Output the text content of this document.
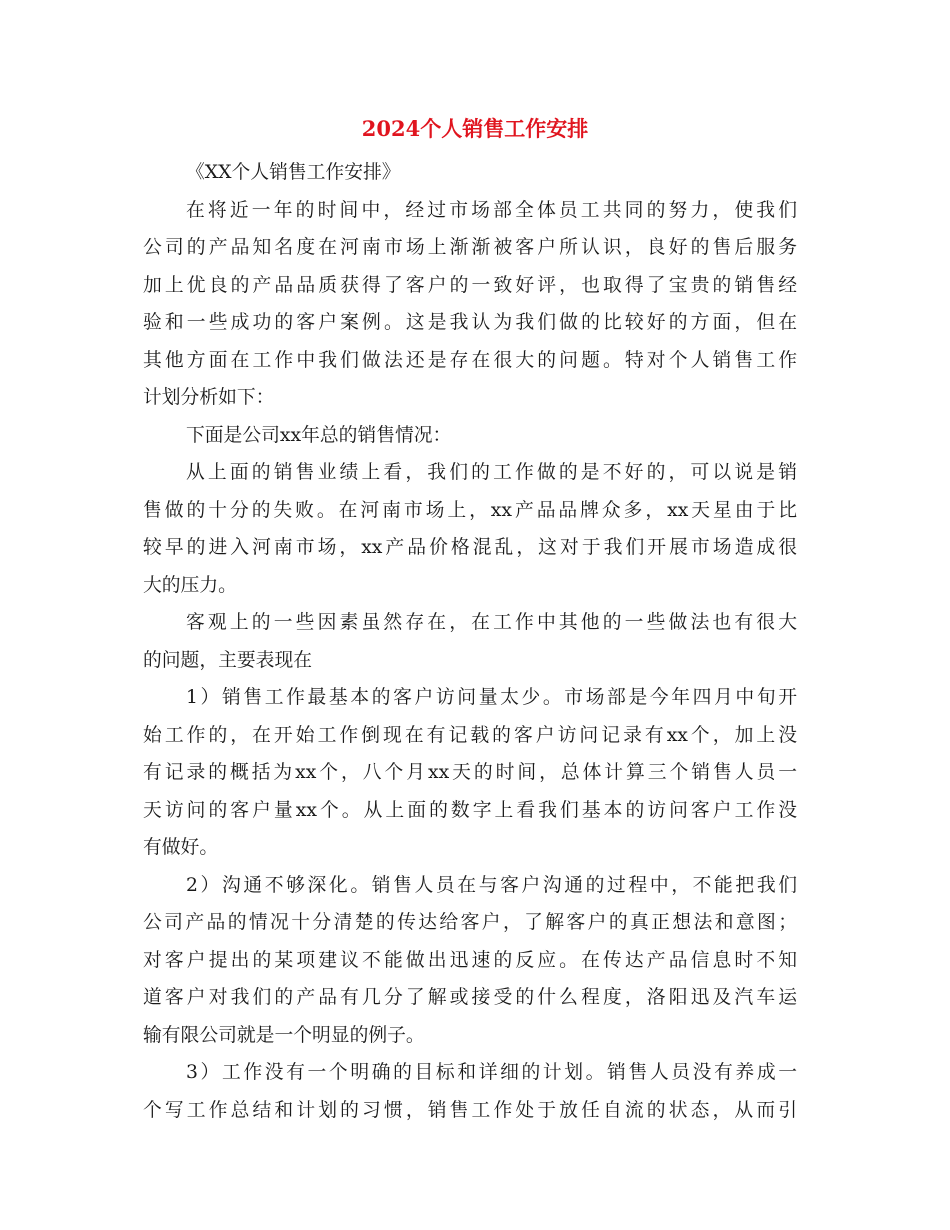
2024个人销售工作安排
《XX个人销售工作安排》
在将近一年的时间中，经过市场部全体员工共同的努力，使我们
公司的产品知名度在河南市场上渐渐被客户所认识，良好的售后服务
加上优良的产品品质获得了客户的一致好评，也取得了宝贵的销售经
验和一些成功的客户案例。这是我认为我们做的比较好的方面，但在
其他方面在工作中我们做法还是存在很大的问题。特对个人销售工作
计划分析如下：
下面是公司xx年总的销售情况：
从上面的销售业绩上看，我们的工作做的是不好的，可以说是销
售做的十分的失败。在河南市场上，xx产品品牌众多，xx天星由于比
较早的进入河南市场，xx产品价格混乱，这对于我们开展市场造成很
大的压力。
客观上的一些因素虽然存在，在工作中其他的一些做法也有很大
的问题，主要表现在
1）销售工作最基本的客户访问量太少。市场部是今年四月中旬开
始工作的，在开始工作倒现在有记载的客户访问记录有xx个，加上没
有记录的概括为xx个，八个月xx天的时间，总体计算三个销售人员一
天访问的客户量xx个。从上面的数字上看我们基本的访问客户工作没
有做好。
2）沟通不够深化。销售人员在与客户沟通的过程中，不能把我们
公司产品的情况十分清楚的传达给客户，了解客户的真正想法和意图；
对客户提出的某项建议不能做出迅速的反应。在传达产品信息时不知
道客户对我们的产品有几分了解或接受的什么程度，洛阳迅及汽车运
输有限公司就是一个明显的例子。
3）工作没有一个明确的目标和详细的计划。销售人员没有养成一
个写工作总结和计划的习惯，销售工作处于放任自流的状态，从而引
